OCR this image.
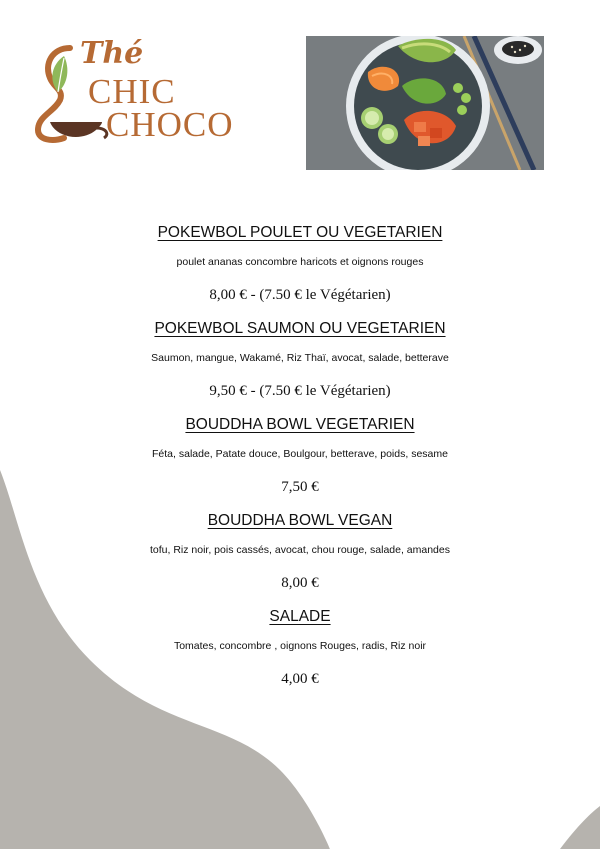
Thé
CHIC
CHOCO
POKEWBOL POULET OU VEGETARIEN
poulet ananas concombre haricots et oignons rouges
8,00 € - (7.50 € le Végétarien)
POKEWBOL SAUMON OU VEGETARIEN
Saumon, mangue, Wakamé, Riz Thaï, avocat, salade, betterave
9,50 € - (7.50 € le Végétarien)
BOUDDHA BOWL VEGETARIEN
Féta, salade, Patate douce, Boulgour, betterave, poids, sesame
7,50 €
BOUDDHA BOWL VEGAN
tofu, Riz noir, pois cassés, avocat, chou rouge, salade, amandes
8,00 €
SALADE
Tomates, concombre , oignons Rouges, radis, Riz noir
4,00 €
